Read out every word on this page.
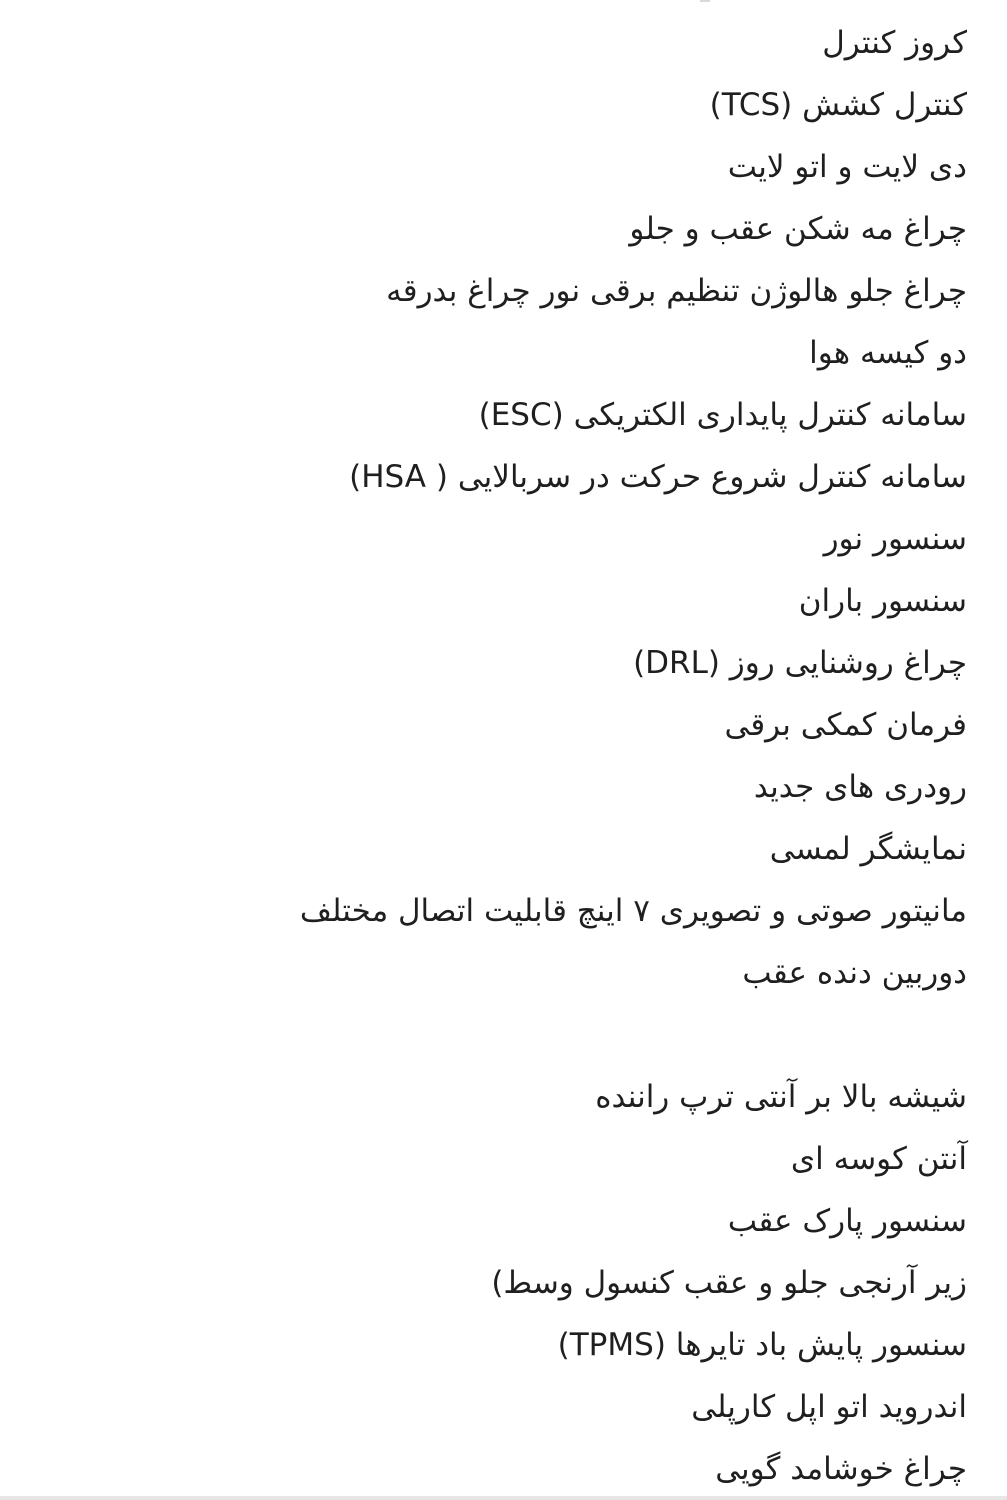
کروز کنترل
کنترل کشش (TCS)
دی لایت و اتو لایت
چراغ مه شکن عقب و جلو
چراغ جلو هالوژن تنظیم برقی نور چراغ بدرقه
دو کیسه هوا
سامانه کنترل پایداری الکتریکی (ESC)
سامانه کنترل شروع حرکت در سربالایی ( HSA)
سنسور نور
سنسور باران
چراغ روشنایی روز (DRL)
فرمان کمکی برقی
رودری های جدید
نمایشگر لمسی
مانیتور صوتی و تصویری ۷ اینچ قابلیت اتصال مختلف
دوربین دنده عقب
شیشه بالا بر آنتی ترپ راننده
آنتن کوسه ای
سنسور پارک عقب
زیر آرنجی جلو و عقب کنسول وسط)
سنسور پایش باد تایرها (TPMS)
اندروید اتو اپل کارپلی
چراغ خوشامد گویی
